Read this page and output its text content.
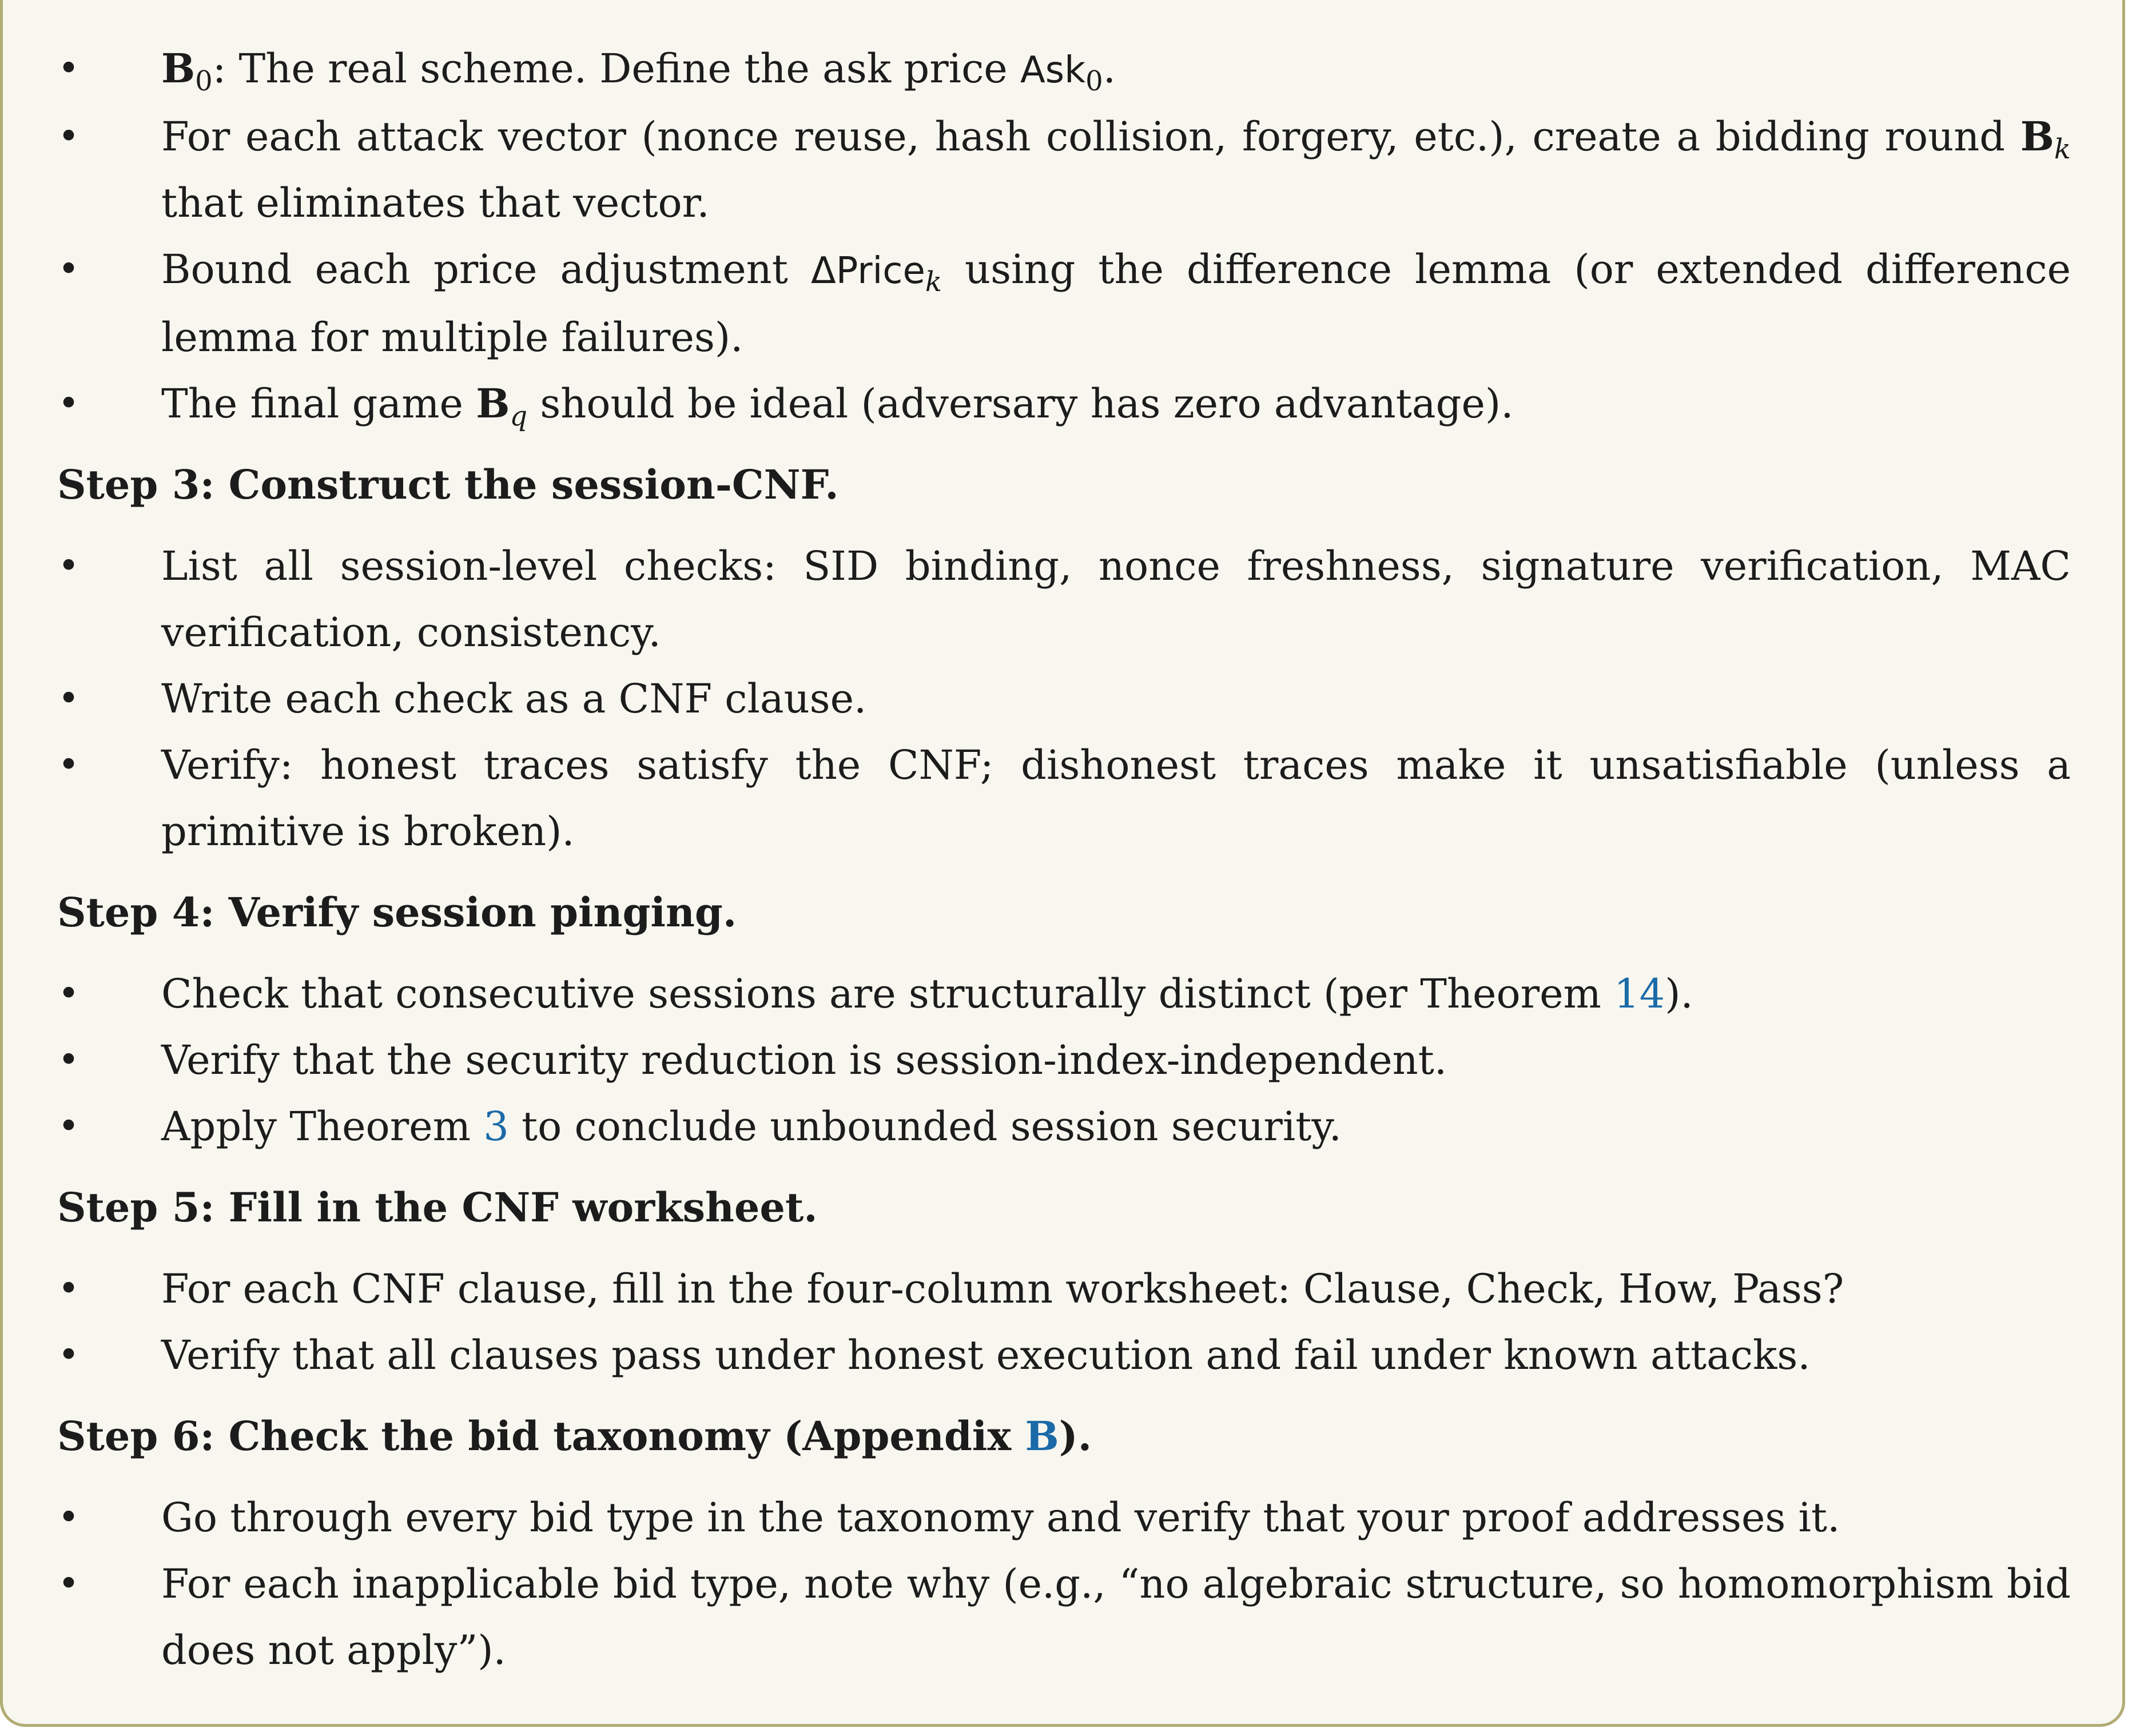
• $B_0$: The real scheme. Define the ask price Ask$_0$.
• For each attack vector (nonce reuse, hash collision, forgery, etc.), create a bidding round $B_k$ that eliminates that vector.
• Bound each price adjustment ΔPrice$_k$ using the difference lemma (or extended difference lemma for multiple failures).
• The final game $B_q$ should be ideal (adversary has zero advantage).
Step 3: Construct the session-CNF.
• List all session-level checks: SID binding, nonce freshness, signature verification, MAC verification, consistency.
• Write each check as a CNF clause.
• Verify: honest traces satisfy the CNF; dishonest traces make it unsatisfiable (unless a primitive is broken).
Step 4: Verify session pinging.
• Check that consecutive sessions are structurally distinct (per Theorem 14).
• Verify that the security reduction is session-index-independent.
• Apply Theorem 3 to conclude unbounded session security.
Step 5: Fill in the CNF worksheet.
• For each CNF clause, fill in the four-column worksheet: Clause, Check, How, Pass?
• Verify that all clauses pass under honest execution and fail under known attacks.
Step 6: Check the bid taxonomy (Appendix B).
• Go through every bid type in the taxonomy and verify that your proof addresses it.
• For each inapplicable bid type, note why (e.g., “no algebraic structure, so homomorphism bid does not apply”).
